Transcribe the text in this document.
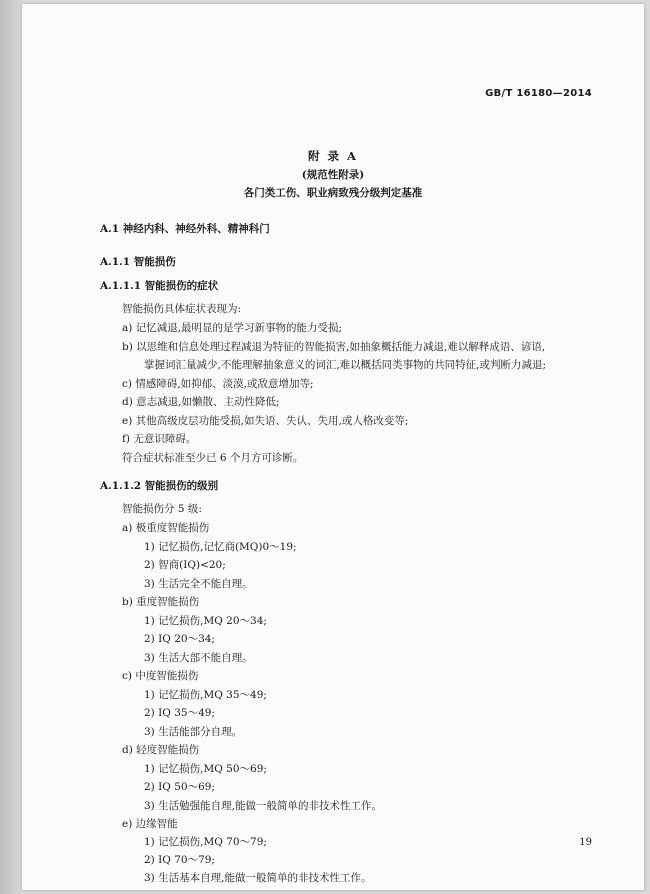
GB/T 16180—2014
附 录 A
(规范性附录)
各门类工伤、职业病致残分级判定基准
A.1 神经内科、神经外科、精神科门
A.1.1 智能损伤
A.1.1.1 智能损伤的症状
智能损伤具体症状表现为:
a) 记忆减退,最明显的是学习新事物的能力受损;
b) 以思维和信息处理过程减退为特征的智能损害,如抽象概括能力减退,难以解释成语、谚语,
掌握词汇量减少,不能理解抽象意义的词汇,难以概括同类事物的共同特征,或判断力减退;
c) 情感障碍,如抑郁、淡漠,或敌意增加等;
d) 意志减退,如懒散、主动性降低;
e) 其他高级皮层功能受损,如失语、失认、失用,或人格改变等;
f) 无意识障碍。
符合症状标准至少已 6 个月方可诊断。
A.1.1.2 智能损伤的级别
智能损伤分 5 级:
a) 极重度智能损伤
1) 记忆损伤,记忆商(MQ)0～19;
2) 智商(IQ)<20;
3) 生活完全不能自理。
b) 重度智能损伤
1) 记忆损伤,MQ 20～34;
2) IQ 20～34;
3) 生活大部不能自理。
c) 中度智能损伤
1) 记忆损伤,MQ 35～49;
2) IQ 35～49;
3) 生活能部分自理。
d) 轻度智能损伤
1) 记忆损伤,MQ 50～69;
2) IQ 50～69;
3) 生活勉强能自理,能做一般简单的非技术性工作。
e) 边缘智能
1) 记忆损伤,MQ 70～79;
2) IQ 70～79;
3) 生活基本自理,能做一般简单的非技术性工作。
19
